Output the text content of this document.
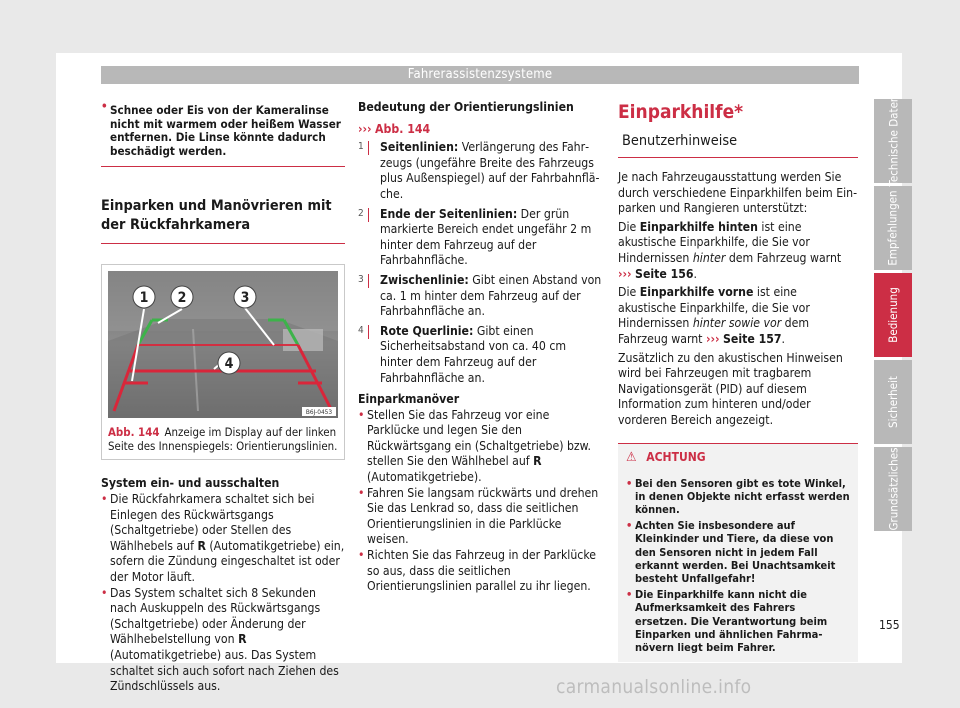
Fahrerassistenzsysteme
• Schnee oder Eis von der Kameralinse nicht mit warmem oder heißem Wasser entfernen. Die Linse könnte dadurch beschädigt werden.
Einparken und Manövrieren mit der Rückfahrkamera
1 2	3
4
B6J-0453
Abb. 144 Anzeige im Display auf der linken Seite des Innenspiegels: Orientierungslinien.
System ein- und ausschalten

• Die Rückfahrkamera schaltet sich bei Einlegen des Rückwärtsgangs (Schaltgetriebe) oder Stellen des Wählhebels auf R (Automatikgetriebe) ein, sofern die Zündung eingeschaltet ist oder der Motor läuft.

• Das System schaltet sich 8 Sekunden nach Auskuppeln des Rückwärtsgangs (Schaltgetriebe) oder Änderung der Wählhebelstellung von R (Automatikgetriebe) aus. Das System schaltet sich auch sofort nach Ziehen des Zündschlüssels aus.

Bedeutung der Orientierungslinien

››› Abb. 144

1	Seitenlinien: Verlängerung des Fahrzeugs (ungefähre Breite des Fahrzeugs plus Außenspiegel) auf der Fahrbahnfläche.
2	Ende der Seitenlinien: Der grün markierte Bereich endet ungefähr 2 m hinter dem Fahrzeug auf der Fahrbahnfläche.
3	Zwischenlinie: Gibt einen Abstand von ca. 1 m hinter dem Fahrzeug auf der Fahrbahnfläche an.
4	Rote Querlinie: Gibt einen Sicherheitsabstand von ca. 40 cm hinter dem Fahrzeug auf der Fahrbahnfläche an.
Einparkmanöver

• Stellen Sie das Fahrzeug vor eine Parklücke und legen Sie den Rückwärtsgang ein (Schaltgetriebe) bzw. stellen Sie den Wählhebel auf R (Automatikgetriebe).

• Fahren Sie langsam rückwärts und drehen Sie das Lenkrad so, dass die seitlichen Orientierungslinien in die Parklücke weisen.

• Richten Sie das Fahrzeug in der Parklücke so aus, dass die seitlichen Orientierungslinien parallel zu ihr liegen.

Einparkhilfe*
Benutzerhinweise

Je nach Fahrzeugausstattung werden Sie durch verschiedene Einparkhilfen beim Einparken und Rangieren unterstützt:

Die Einparkhilfe hinten ist eine akustische Einparkhilfe, die Sie vor Hindernissen hinter dem Fahrzeug warnt ››› Seite 156.

Die Einparkhilfe vorne ist eine akustische Einparkhilfe, die Sie vor Hindernissen hinter sowie vor dem Fahrzeug warnt ››› Seite 157.

Zusätzlich zu den akustischen Hinweisen wird bei Fahrzeugen mit tragbarem Navigationsgerät (PID) auf diesem Information zum hinteren und/oder vorderen Bereich angezeigt.

⚠ ACHTUNG

• Bei den Sensoren gibt es tote Winkel, in denen Objekte nicht erfasst werden können.

• Achten Sie insbesondere auf Kleinkinder und Tiere, da diese von den Sensoren nicht in jedem Fall erkannt werden. Bei Unachtsamkeit besteht Unfallgefahr!

• Die Einparkhilfe kann nicht die Aufmerksamkeit des Fahrers ersetzen. Die Verantwortung beim Einparken und ähnlichen Fahrmanövern liegt beim Fahrer.

Technische Daten
Empfehlungen
Bedienung
Sicherheit
Grundsätzliches
155
carmanualsonline.info
